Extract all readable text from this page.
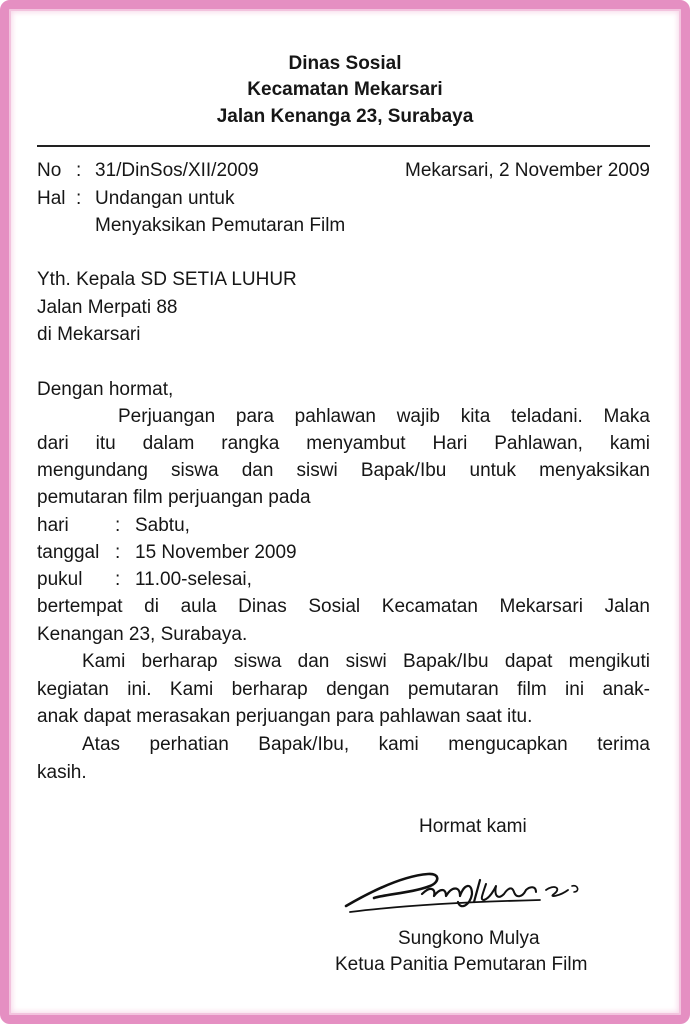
Dinas Sosial
Kecamatan Mekarsari
Jalan Kenanga 23, Surabaya
No : 31/DinSos/XII/2009	Mekarsari, 2 November 2009
Hal : Undangan untuk
Menyaksikan Pemutaran Film
Yth. Kepala SD SETIA LUHUR
Jalan Merpati 88
di Mekarsari
Dengan hormat,
Perjuangan para pahlawan wajib kita teladani. Maka
dari itu dalam rangka menyambut Hari Pahlawan, kami
mengundang siswa dan siswi Bapak/Ibu untuk menyaksikan
pemutaran film perjuangan pada
hari : Sabtu,
tanggal : 15 November 2009
pukul : 11.00-selesai,
bertempat di aula Dinas Sosial Kecamatan Mekarsari Jalan
Kenangan 23, Surabaya.
Kami berharap siswa dan siswi Bapak/Ibu dapat mengikuti
kegiatan ini. Kami berharap dengan pemutaran film ini anak-
anak dapat merasakan perjuangan para pahlawan saat itu.
Atas perhatian Bapak/Ibu, kami mengucapkan terima
kasih.
Hormat kami
Sungkono Mulya
Ketua Panitia Pemutaran Film
